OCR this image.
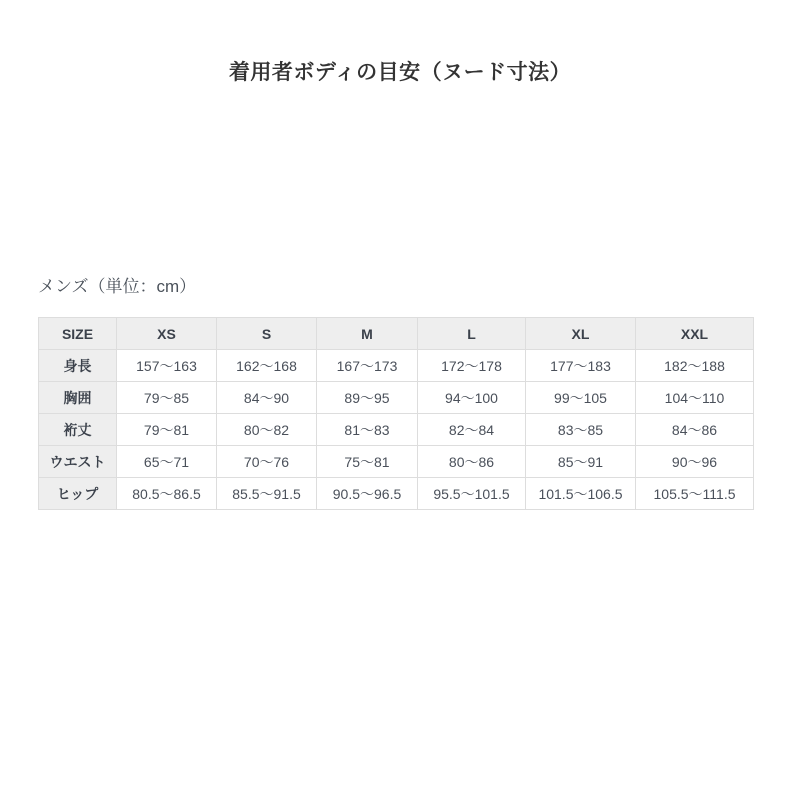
着用者ボディの目安（ヌード寸法）
メンズ（単位：cm）
SIZE	XS	S	M	L	XL	XXL
身長	157～163	162～168	167～173	172～178	177～183	182～188
胸囲	79～85	84～90	89～95	94～100	99～105	104～110
裄丈	79～81	80～82	81～83	82～84	83～85	84～86
ウエスト	65～71	70～76	75～81	80～86	85～91	90～96
ヒップ	80.5～86.5	85.5～91.5	90.5～96.5	95.5～101.5	101.5～106.5	105.5～111.5
